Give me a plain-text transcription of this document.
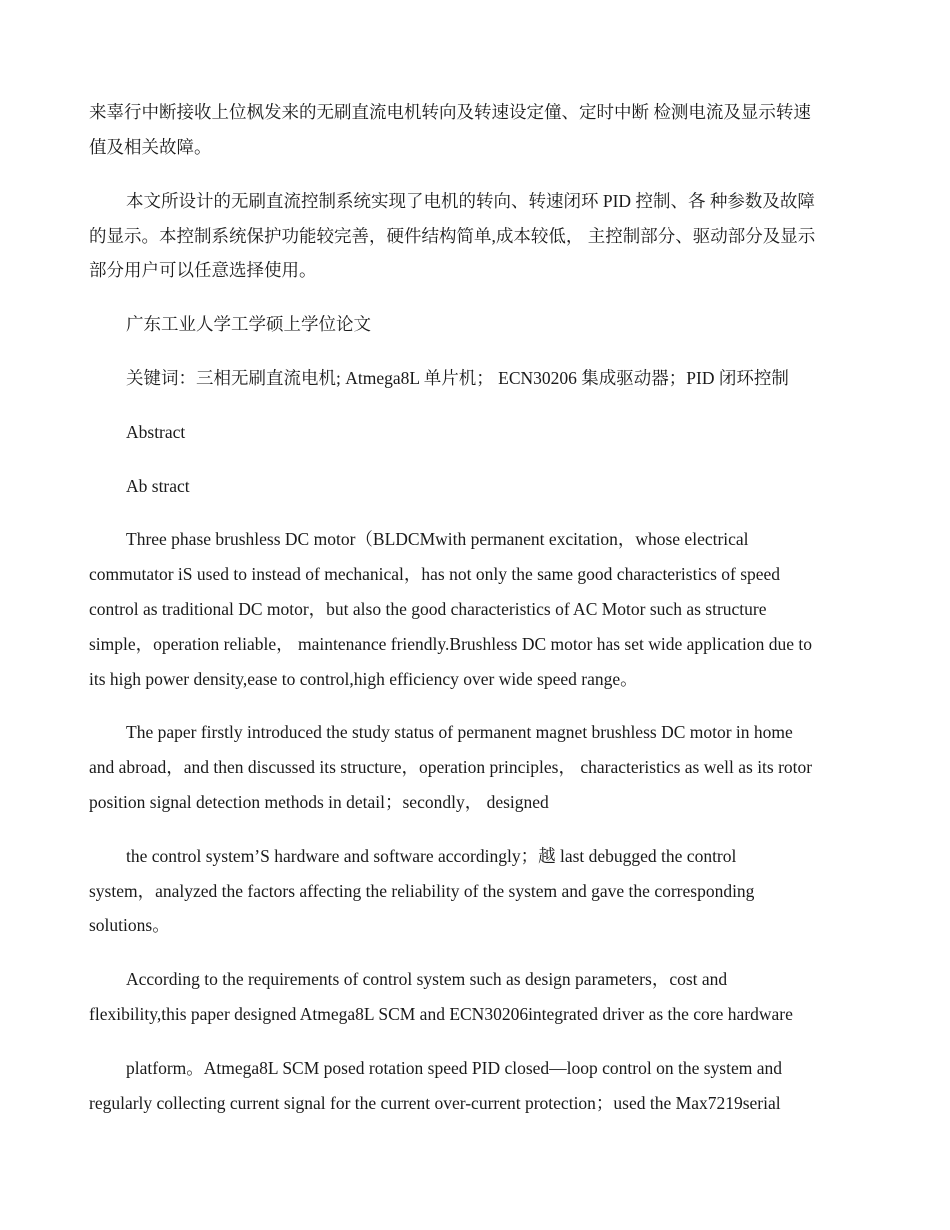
来辜行中断接收上位枫发来的无刷直流电机转向及转速设定僮、定时中断 检测电流及显示转速
值及相关故障。
本文所设计的无刷直流控制系统实现了电机的转向、转速闭环 PID 控制、各 种参数及故障
的显示。本控制系统保护功能较完善，硬件结构简单,成本较低， 主控制部分、驱动部分及显示
部分用户可以任意选择使用。
广东工业人学工学硕上学位论文
关键词：三相无刷直流电机; Atmega8L 单片机； ECN30206 集成驱动器；PID 闭环控制
Abstract
Ab stract
Three phase brushless DC motor（BLDCMwith permanent excitation，whose electrical
commutator iS used to instead of mechanical，has not only the same good characteristics of speed
control as traditional DC motor，but also the good characteristics of AC Motor such as structure
simple，operation reliable， maintenance friendly.Brushless DC motor has set wide application due to
its high power density,ease to control,high efficiency over wide speed range。
The paper firstly introduced the study status of permanent magnet brushless DC motor in home
and abroad，and then discussed its structure，operation principles， characteristics as well as its rotor
position signal detection methods in detail；secondly， designed
the control system’S hardware and software accordingly；越 last debugged the control
system，analyzed the factors affecting the reliability of the system and gave the corresponding
solutions。
According to the requirements of control system such as design parameters，cost and
flexibility,this paper designed Atmega8L SCM and ECN30206integrated driver as the core hardware
platform。Atmega8L SCM posed rotation speed PID closed—loop control on the system and
regularly collecting current signal for the current over-current protection；used the Max7219serial
